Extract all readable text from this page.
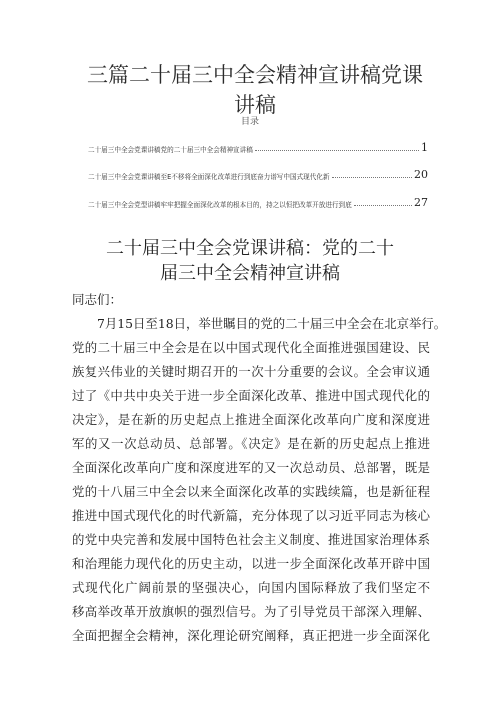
三篇二十届三中全会精神宣讲稿党课
讲稿
目录
二十届三中全会党课讲稿党的二十届三中全会精神宣讲稿	1
二十届三中全会党课讲稿至E不移将全面深化改革进行到底奋力谱写中国式现代化新	20
二十届三中全会党型讲稿牢牢把握全面深化改革的根本目的，持之以恒把改革开放进行到底	27
二十届三中全会党课讲稿：党的二十
届三中全会精神宣讲稿
同志们：
7月15日至18日，举世瞩目的党的二十届三中全会在北京举行。
党的二十届三中全会是在以中国式现代化全面推进强国建设、民
族复兴伟业的关键时期召开的一次十分重要的会议。全会审议通
过了《中共中央关于进一步全面深化改革、推进中国式现代化的
决定》，是在新的历史起点上推进全面深化改革向广度和深度进
军的又一次总动员、总部署。《决定》是在新的历史起点上推进
全面深化改革向广度和深度进军的又一次总动员、总部署，既是
党的十八届三中全会以来全面深化改革的实践续篇，也是新征程
推进中国式现代化的时代新篇，充分体现了以习近平同志为核心
的党中央完善和发展中国特色社会主义制度、推进国家治理体系
和治理能力现代化的历史主动，以进一步全面深化改革开辟中国
式现代化广阔前景的坚强决心，向国内国际释放了我们坚定不
移高举改革开放旗帜的强烈信号。为了引导党员干部深入理解、
全面把握全会精神，深化理论研究阐释，真正把进一步全面深化
